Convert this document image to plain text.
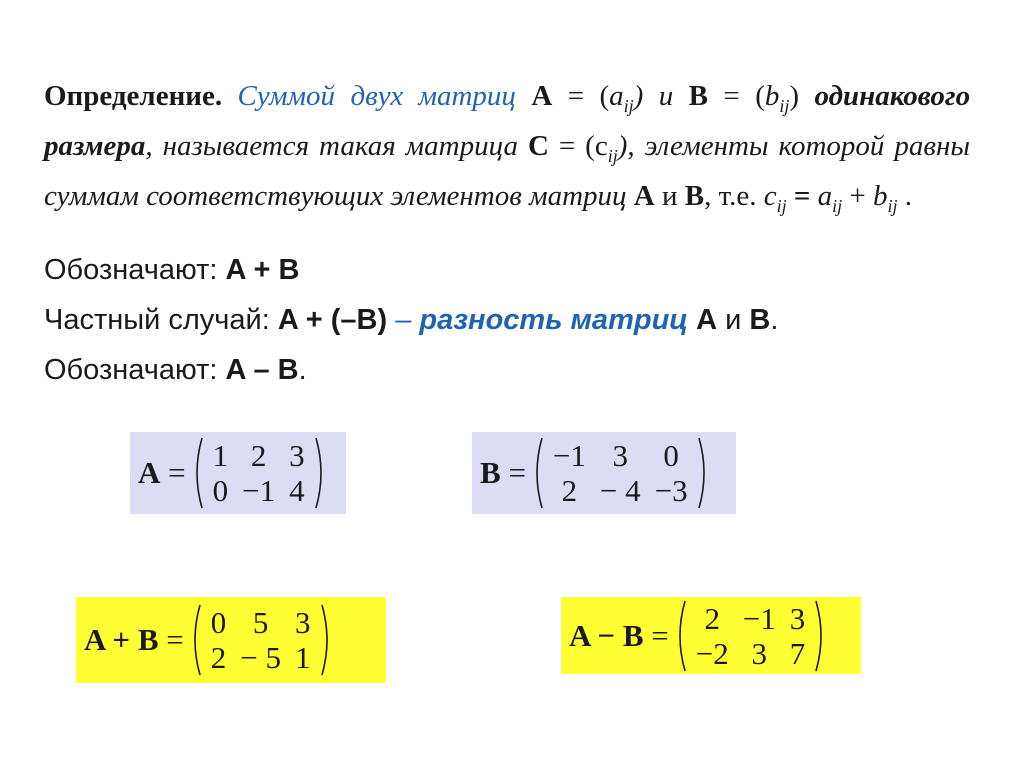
Определение. Суммой двух матриц $A = (a_{ij})$ и $B = (b_{ij})$ одинакового размера, называется такая матрица $C = (c_{ij})$, элементы которой равны суммам соответствующих элементов матриц A и B, т.е. $c_{ij} = a_{ij} + b_{ij}$ .
Обозначают: A + B
Частный случай: A + (–B) – разность матриц A и B.
Обозначают: A – B.
A = 1 2 3
0 −1 4
B = −1 3	0
2 − 4 −3
A + B = 0 5 3
2 − 5 1
A − B =	2 −1 3
−2 3 7
